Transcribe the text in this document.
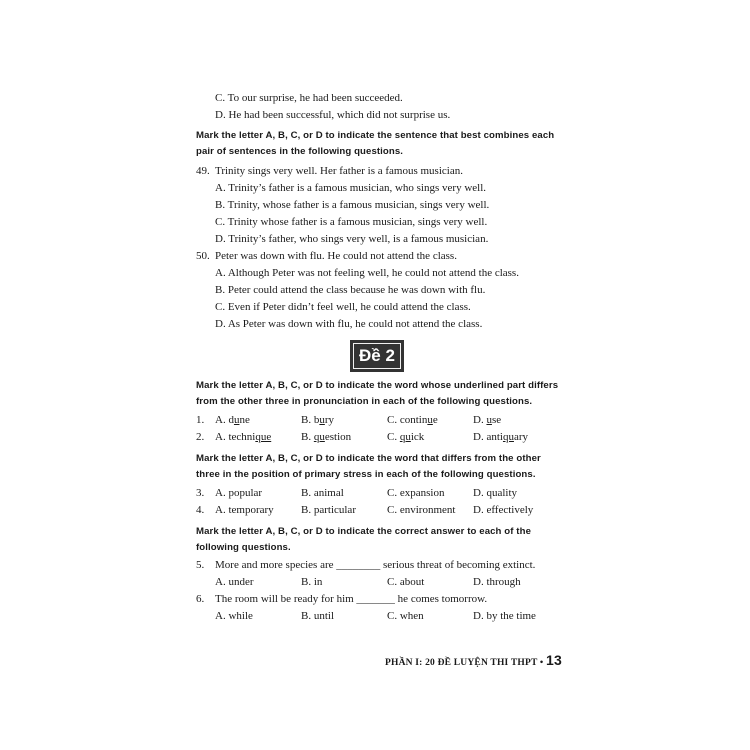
C. To our surprise, he had been succeeded.
D. He had been successful, which did not surprise us.
Mark the letter A, B, C, or D to indicate the sentence that best combines each pair of sentences in the following questions.
49. Trinity sings very well. Her father is a famous musician.
A. Trinity’s father is a famous musician, who sings very well.
B. Trinity, whose father is a famous musician, sings very well.
C. Trinity whose father is a famous musician, sings very well.
D. Trinity’s father, who sings very well, is a famous musician.
50. Peter was down with flu. He could not attend the class.
A. Although Peter was not feeling well, he could not attend the class.
B. Peter could attend the class because he was down with flu.
C. Even if Peter didn’t feel well, he could attend the class.
D. As Peter was down with flu, he could not attend the class.
Đề 2
Mark the letter A, B, C, or D to indicate the word whose underlined part differs from the other three in pronunciation in each of the following questions.
1. A. dune	B. bury	C. continue	D. use
2. A. technique	B. question	C. quick	D. antiquary
Mark the letter A, B, C, or D to indicate the word that differs from the other three in the position of primary stress in each of the following questions.
3. A. popular	B. animal	C. expansion	D. quality
4. A. temporary B. particular	C. environment D. effectively
Mark the letter A, B, C, or D to indicate the correct answer to each of the following questions.
5. More and more species are ________ serious threat of becoming extinct.
A. under	B. in	C. about	D. through
6. The room will be ready for him _______ he comes tomorrow.
A. while	B. until	C. when	D. by the time
PHẦN I: 20 ĐỀ LUYỆN THI THPT • 13
